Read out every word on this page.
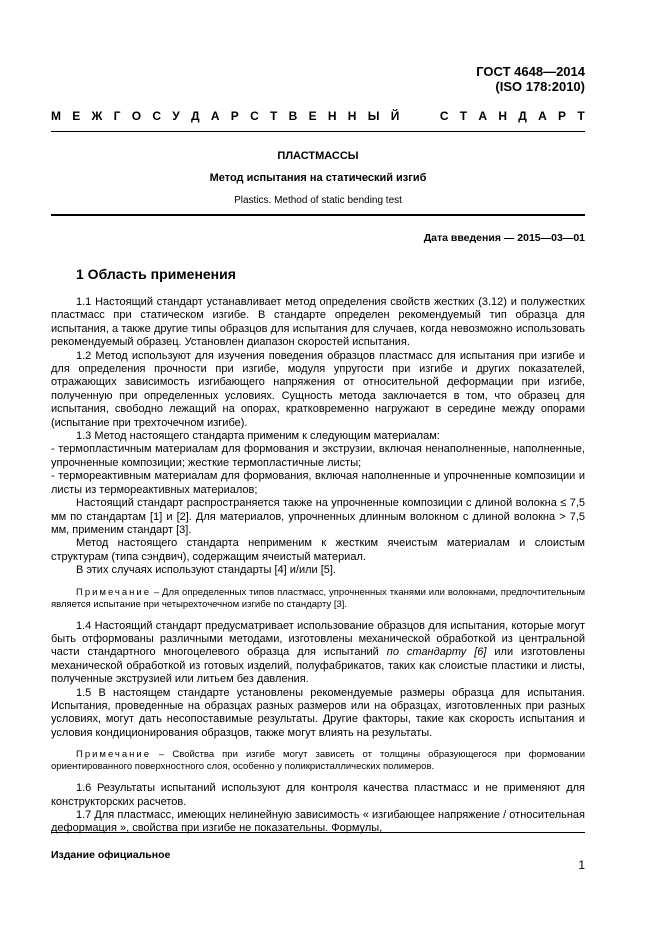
ГОСТ 4648—2014
(ISO 178:2010)
М Е Ж Г О С У Д А Р С Т В Е Н Н Ы Й

	С Т А Н Д А Р Т
ПЛАСТМАССЫ
Метод испытания на статический изгиб
Plastics. Method of static bending test
Дата введения — 2015—03—01
1 Область применения

1.1 Настоящий стандарт устанавливает метод определения свойств жестких (3.12) и полужестких пластмасс при статическом изгибе. В стандарте определен рекомендуемый тип образца для испытания, а также другие типы образцов для испытания для случаев, когда невозможно использовать рекомендуемый образец. Установлен диапазон скоростей испытания.

1.2 Метод используют для изучения поведения образцов пластмасс для испытания при изгибе и для определения прочности при изгибе, модуля упругости при изгибе и других показателей, отражающих зависимость изгибающего напряжения от относительной деформации при изгибе, полученную при определенных условиях. Сущность метода заключается в том, что образец для испытания, свободно лежащий на опорах, кратковременно нагружают в середине между опорами (испытание при трехточечном изгибе).

1.3 Метод настоящего стандарта применим к следующим материалам:

- термопластичным материалам для формования и экструзии, включая ненаполненные, наполненные, упрочненные композиции; жесткие термопластичные листы;

- термореактивным материалам для формования, включая наполненные и упрочненные композиции и листы из термореактивных материалов;

Настоящий стандарт распространяется также на упрочненные композиции с длиной волокна ≤ 7,5 мм по стандартам [1] и [2]. Для материалов, упрочненных длинным волокном с длиной волокна > 7,5 мм, применим стандарт [3].

Метод настоящего стандарта неприменим к жестким ячеистым материалам и слоистым структурам (типа сэндвич), содержащим ячеистый материал.

В этих случаях используют стандарты [4] и/или [5].

Примечание – Для определенных типов пластмасс, упрочненных тканями или волокнами, предпочтительным является испытание при четырехточечном изгибе по стандарту [3].

1.4 Настоящий стандарт предусматривает использование образцов для испытания, которые могут быть отформованы различными методами, изготовлены механической обработкой из центральной части стандартного многоцелевого образца для испытаний по стандарту [6] или изготовлены механической обработкой из готовых изделий, полуфабрикатов, таких как слоистые пластики и листы, полученные экструзией или литьем без давления.

1.5 В настоящем стандарте установлены рекомендуемые размеры образца для испытания. Испытания, проведенные на образцах разных размеров или на образцах, изготовленных при разных условиях, могут дать несопоставимые результаты. Другие факторы, такие как скорость испытания и условия кондиционирования образцов, также могут влиять на результаты.

Примечание – Свойства при изгибе могут зависеть от толщины образующегося при формовании ориентированного поверхностного слоя, особенно у поликристаллических полимеров.

1.6 Результаты испытаний используют для контроля качества пластмасс и не применяют для конструкторских расчетов.

1.7 Для пластмасс, имеющих нелинейную зависимость « изгибающее напряжение / относительная деформация », свойства при изгибе не показательны. Формулы,

Издание официальное
1
